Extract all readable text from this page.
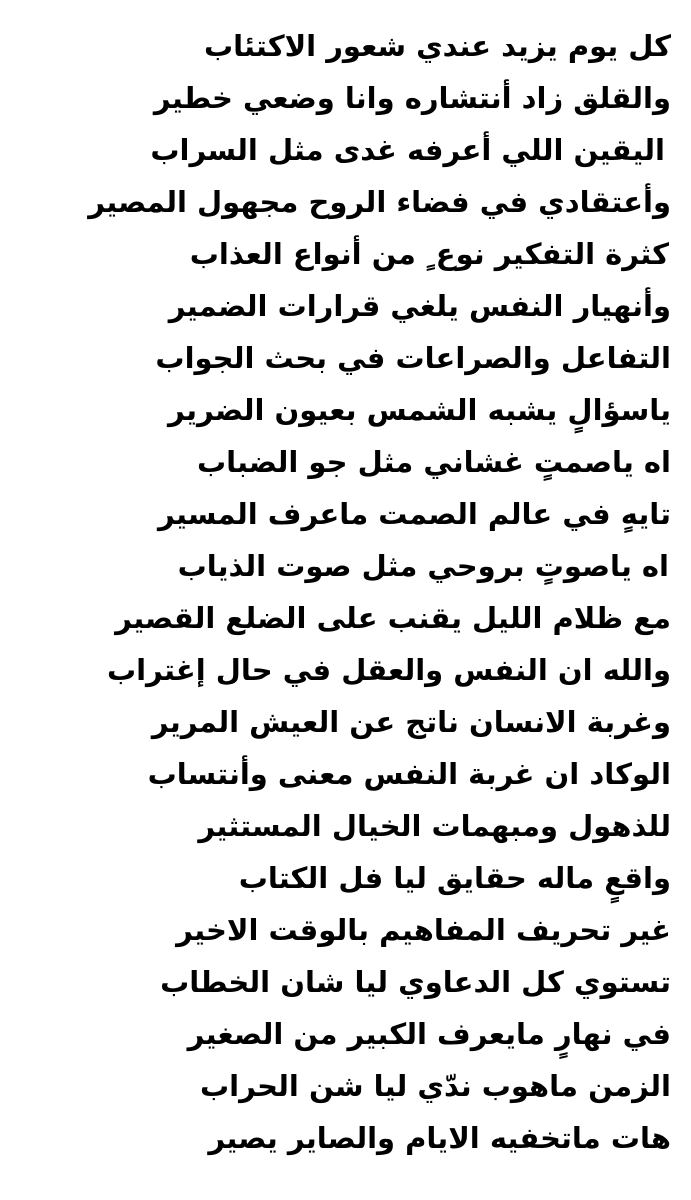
كل يوم يزيد عندي شعور الاكتئاب
والقلق زاد أنتشاره وانا وضعي خطير
اليقين اللي أعرفه غدى مثل السراب
وأعتقادي في فضاء الروح مجهول المصير
كثرة التفكير نوع ٍ من أنواع العذاب
وأنهيار النفس يلغي قرارات الضمير
التفاعل والصراعات في بحث الجواب
ياسؤالٍ يشبه الشمس بعيون الضرير
اه ياصمتٍ غشاني مثل جو الضباب
تايهٍ في عالم الصمت ماعرف المسير
اه ياصوتٍ بروحي مثل صوت الذياب
مع ظلام الليل يقنب على الضلع القصير
والله ان النفس والعقل في حال إغتراب
وغربة الانسان ناتج عن العيش المرير
الوكاد ان غربة النفس معنى وأنتساب
للذهول ومبهمات الخيال المستثير
واقعٍ ماله حقايق ليا فل الكتاب
غير تحريف المفاهيم بالوقت الاخير
تستوي كل الدعاوي ليا شان الخطاب
في نهارٍ مايعرف الكبير من الصغير
الزمن ماهوب ندّي ليا شن الحراب
هات ماتخفيه الايام والصاير يصير
